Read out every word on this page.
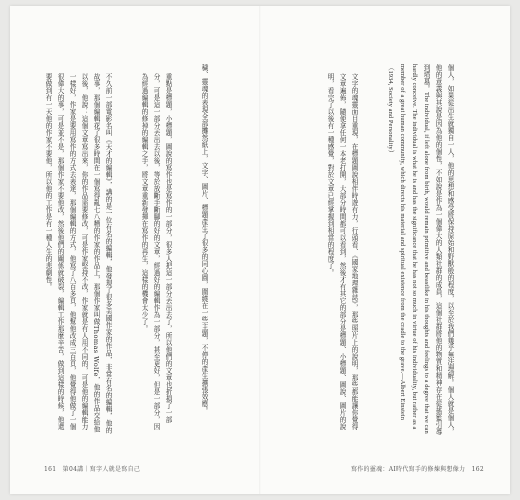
穢、靈魂的表現全部攤然紙上，文字、圖片、標題產生了很多的同心圓，圍繞在一些主題，不停的產生擴張效應。

重點是標題，小標題，圖說的寫作也是寫作的一部分，很多人把這一部分丟出去了，所以他們的文章也折損了一部分，可是這一部分丟出去以後，等於放斷手斷腳的好的文章，經過好的編輯作為一部分，甚至更好，但是一部分，因為經過編輯的修掉的編輯之手，將文章重新發揮在寫作的再生，這樣的機會太少了。

不久前一部電影名叫《天才的編輯》，講的是一位有名的編輯，他發現了很多美國作家的作品，非常有名的編輯，他的故事，那個編輯花了很多時間在一個寫得亂七八糟的作家的作品上，那個作家叫做Thomas Wolfe，他的作品交給他以後，他說：這個文章寫出來，你的作品需要修改，可是作家堅持不改，作家就是有人用不同的，可是他的編輯能力一樣好，作家是要用寫作的方式去表達，那個編輯的方式，他寫了八百多頁，他幫他改成三百頁，他覺得他做了一個很偉大的事，可是並不是，那個作家不要他改，然後他們的關係就破裂，編輯工作那麼辛苦，做到這樣的時候，他還要做到有一天他的作家不要他，所以他的工作是有一種人生的悲劇性。

161　第04講｜寫字人就是寫自己

個人，如果從出生就獨自一人，他的思想和感受將保持原始和野獸般的程度，以至於我們幾乎無法理解。個人就是個人，他的意義與其說是因為他的個性，不如說是作為一個偉大的人類社群的成員，這個社群將他的物質和精神存在從搖籃引導到墳墓。The individual, if left alone from birth, would remain primitive and beastlike in his thoughts and feelings to a degree that we can hardly conceive. The individual is what he is and has the significance that he has not so much in virtue of his individuality, but rather as a member of a great human community, which directs his material and spiritual existence from the cradle to the grave.—Albert Einstein（1934, Society and Personality）

文字的魂靈面目重現，在標題圖說相伴時遊有力，行頭看、《國家地理雜誌》，那些照片上的說明，那些都能讓你覺得文章遍佈，隨便拿任何一本老打開，大部分時間都可以看到，然後才有其它的部分是標題、小標題、圖說、圖片的說明，看完了以後有一種感覺，對於文章已經掌握到相當的程度了。

寫作的靈魂：AI時代寫手的修煉與想像力　162
